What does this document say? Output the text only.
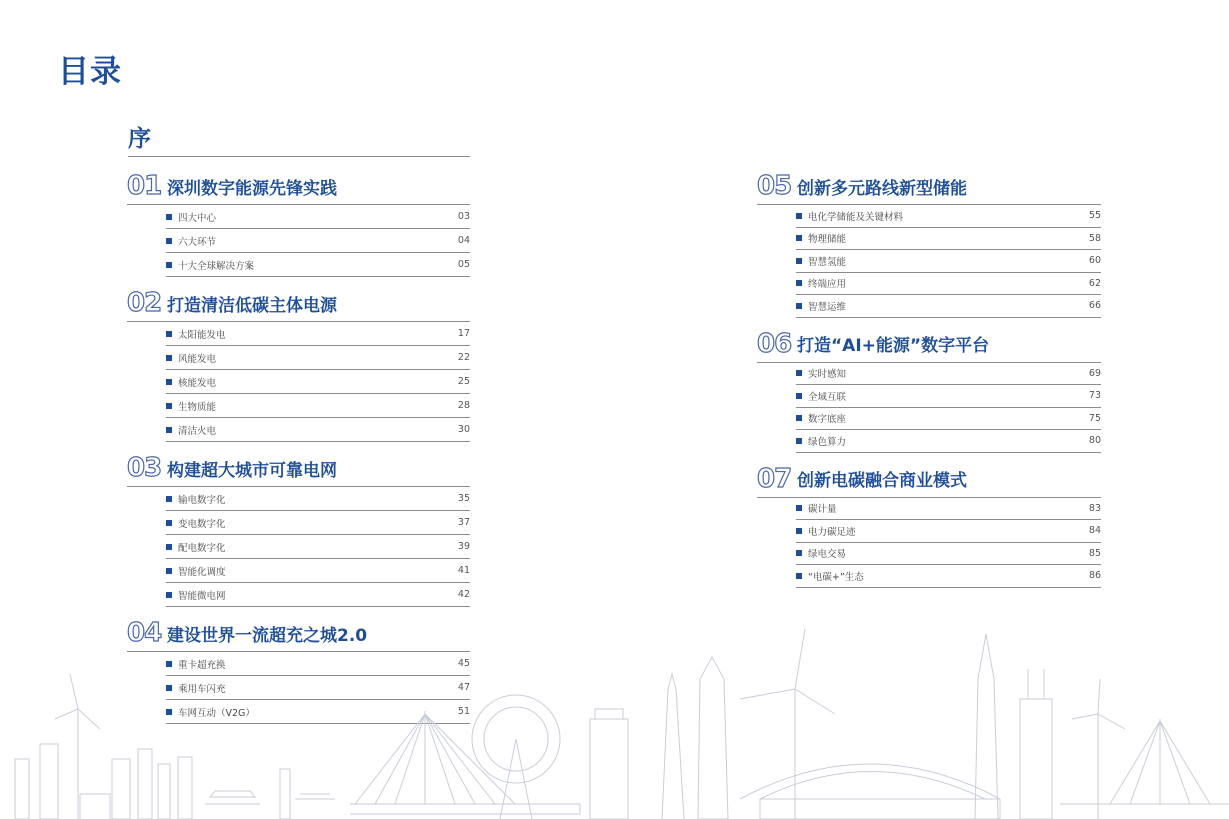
目录
序
01 深圳数字能源先锋实践
四大中心	03
六大环节	04
十大全球解决方案	05
02 打造清洁低碳主体电源
太阳能发电	17
风能发电	22
核能发电	25
生物质能	28
清洁火电	30
03 构建超大城市可靠电网
输电数字化	35
变电数字化	37
配电数字化	39
智能化调度	41
智能微电网	42
04 建设世界一流超充之城2.0
重卡超充换	45
乘用车闪充	47
车网互动（V2G）	51
05 创新多元路线新型储能
电化学储能及关键材料	55
物理储能	58
智慧氢能	60
终端应用	62
智慧运维	66
06 打造“AI+能源”数字平台
实时感知	69
全域互联	73
数字底座	75
绿色算力	80
07 创新电碳融合商业模式
碳计量	83
电力碳足迹	84
绿电交易	85
“电碳+”生态	86
